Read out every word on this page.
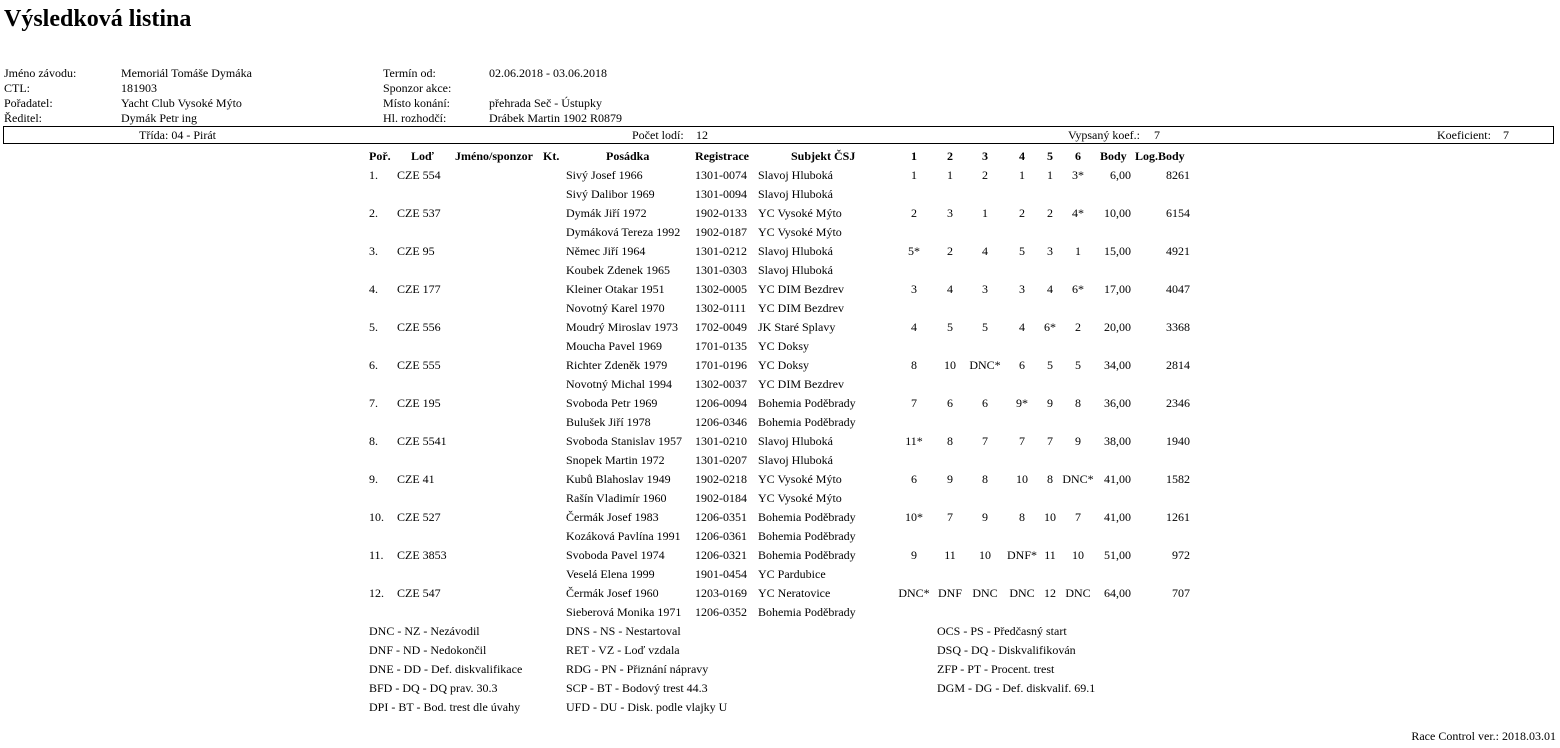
Výsledková listina
Jméno závodu:	Memoriál Tomáše Dymáka
CTL:	181903
Pořadatel:	Yacht Club Vysoké Mýto
Ředitel:	Dymák Petr ing
Termín od:	02.06.2018 - 03.06.2018
Sponzor akce:
Místo konání:	přehrada Seč - Ústupky
Hl. rozhodčí:	Drábek Martin 1902 R0879
Třída: 04 - Pirát	Počet lodí: 12	Vypsaný koef.: 7	Koeficient: 7
Poř. Loď Jméno/sponzor Kt.	Posádka	Registrace	Subjekt ČSJ	1	2	3	4	5	6	Body Log.Body
1. CZE 554	Sivý Josef 1966	1301-0074 Slavoj Hluboká
Sivý Dalibor 1969	1301-0094 Slavoj Hluboká
1	1	2	1	1	3*	6,00	8261
2. CZE 537	Dymák Jiří 1972	1902-0133 YC Vysoké Mýto
Dymáková Tereza 1992 1902-0187 YC Vysoké Mýto
2	3	1	2	2	4*	10,00	6154
3. CZE 95	Němec Jiří 1964	1301-0212 Slavoj Hluboká
Koubek Zdenek 1965 1301-0303 Slavoj Hluboká
5*	2	4	5	3	1	15,00	4921
4. CZE 177	Kleiner Otakar 1951	1302-0005 YC DIM Bezdrev
Novotný Karel 1970	1302-0111 YC DIM Bezdrev
3	4	3	3	4	6*	17,00	4047
5. CZE 556	Moudrý Miroslav 1973 1702-0049 JK Staré Splavy
Moucha Pavel 1969	1701-0135 YC Doksy
4	5	5	4	6*	2	20,00	3368
6. CZE 555	Richter Zdeněk 1979 1701-0196 YC Doksy
Novotný Michal 1994 1302-0037 YC DIM Bezdrev
8	10	DNC*	6	5	5	34,00	2814
7. CZE 195	Svoboda Petr 1969	1206-0094 Bohemia Poděbrady
Bulušek Jiří 1978	1206-0346 Bohemia Poděbrady
7	6	6	9*	9	8	36,00	2346
8. CZE 5541	Svoboda Stanislav 1957 1301-0210 Slavoj Hluboká
Snopek Martin 1972	1301-0207 Slavoj Hluboká
11*	8	7	7	7	9	38,00	1940
9. CZE 41	Kubů Blahoslav 1949 1902-0218 YC Vysoké Mýto
Rašín Vladimír 1960 1902-0184 YC Vysoké Mýto
6	9	8	10	8 DNC* 41,00	1582
10. CZE 527	Čermák Josef 1983	1206-0351 Bohemia Poděbrady
Kozáková Pavlína 1991 1206-0361 Bohemia Poděbrady
10*	7	9	8	10	7	41,00	1261
11. CZE 3853	Svoboda Pavel 1974	1206-0321 Bohemia Poděbrady
Veselá Elena 1999	1901-0454 YC Pardubice
9	11	10	DNF* 11	10	51,00	972
12. CZE 547	Čermák Josef 1960	1203-0169 YC Neratovice
Sieberová Monika 1971 1206-0352 Bohemia Poděbrady
DNC* DNF DNC DNC 12 DNC	64,00	707
DNC - NZ - Nezávodil
DNF - ND - Nedokončil
DNE - DD - Def. diskvalifikace
BFD - DQ - DQ prav. 30.3
DPI - BT - Bod. trest dle úvahy
DNS - NS - Nestartoval
RET - VZ - Loď vzdala
RDG - PN - Přiznání nápravy
SCP - BT - Bodový trest 44.3
UFD - DU - Disk. podle vlajky U
OCS - PS - Předčasný start
DSQ - DQ - Diskvalifikován
ZFP - PT - Procent. trest
DGM - DG - Def. diskvalif. 69.1
Race Control ver.: 2018.03.01
